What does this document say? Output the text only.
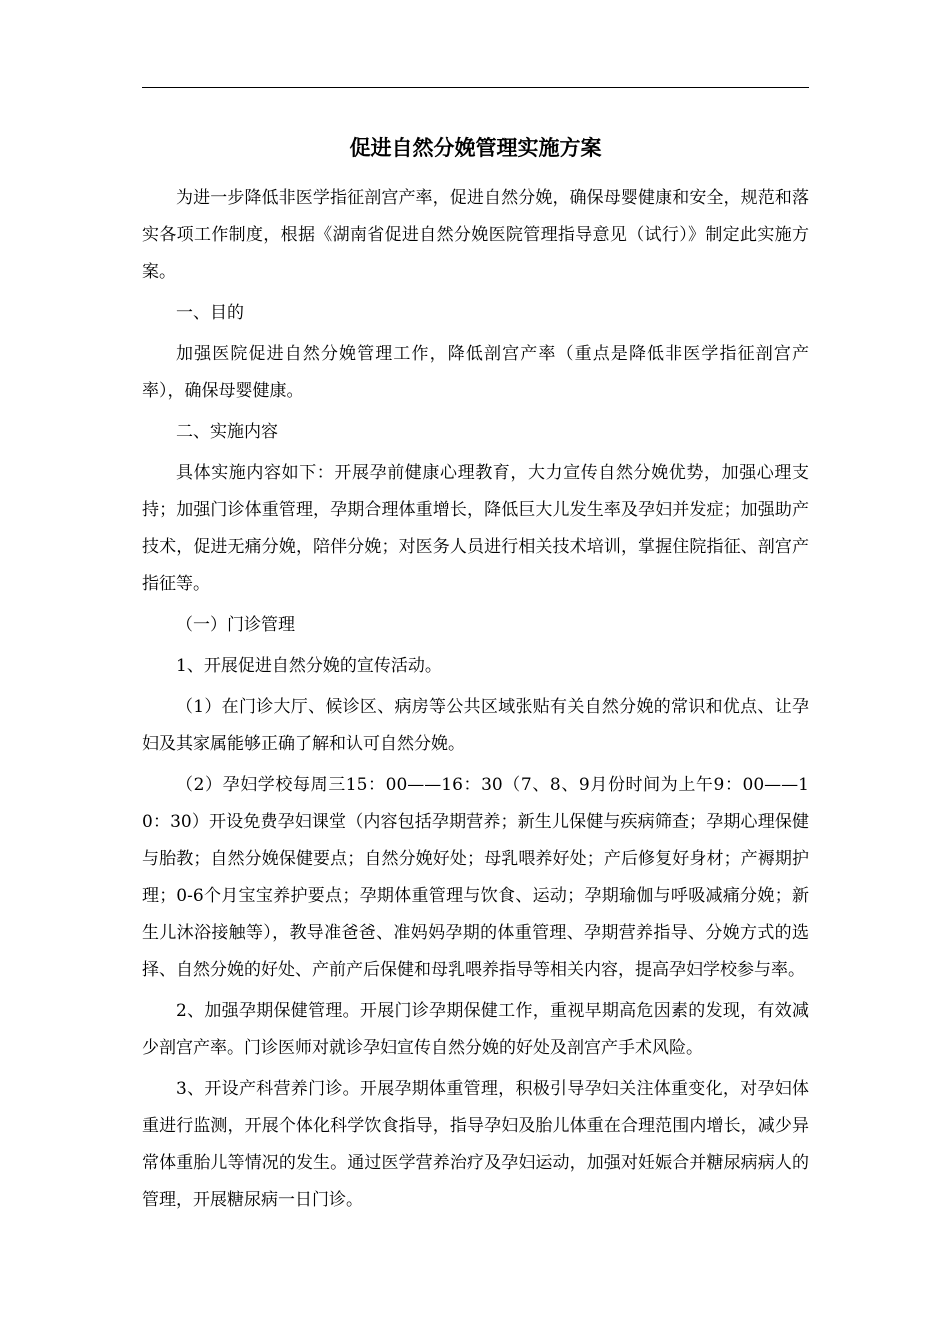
促进自然分娩管理实施方案

为进一步降低非医学指征剖宫产率，促进自然分娩，确保母婴健康和安全，规范和落实各项工作制度，根据《湖南省促进自然分娩医院管理指导意见（试行）》制定此实施方案。

一、目的

加强医院促进自然分娩管理工作，降低剖宫产率（重点是降低非医学指征剖宫产率），确保母婴健康。

二、实施内容

具体实施内容如下：开展孕前健康心理教育，大力宣传自然分娩优势，加强心理支持；加强门诊体重管理，孕期合理体重增长，降低巨大儿发生率及孕妇并发症；加强助产技术，促进无痛分娩，陪伴分娩；对医务人员进行相关技术培训，掌握住院指征、剖宫产指征等。

（一）门诊管理

1、开展促进自然分娩的宣传活动。

（1）在门诊大厅、候诊区、病房等公共区域张贴有关自然分娩的常识和优点、让孕妇及其家属能够正确了解和认可自然分娩。

（2）孕妇学校每周三15：00——16：30（7、8、9月份时间为上午9：00——10：30）开设免费孕妇课堂（内容包括孕期营养；新生儿保健与疾病筛查；孕期心理保健与胎教；自然分娩保健要点；自然分娩好处；母乳喂养好处；产后修复好身材；产褥期护理；0-6个月宝宝养护要点；孕期体重管理与饮食、运动；孕期瑜伽与呼吸减痛分娩；新生儿沐浴接触等），教导准爸爸、准妈妈孕期的体重管理、孕期营养指导、分娩方式的选择、自然分娩的好处、产前产后保健和母乳喂养指导等相关内容，提高孕妇学校参与率。

2、加强孕期保健管理。开展门诊孕期保健工作，重视早期高危因素的发现，有效减少剖宫产率。门诊医师对就诊孕妇宣传自然分娩的好处及剖宫产手术风险。

3、开设产科营养门诊。开展孕期体重管理，积极引导孕妇关注体重变化，对孕妇体重进行监测，开展个体化科学饮食指导，指导孕妇及胎儿体重在合理范围内增长，减少异常体重胎儿等情况的发生。通过医学营养治疗及孕妇运动，加强对妊娠合并糖尿病病人的管理，开展糖尿病一日门诊。
